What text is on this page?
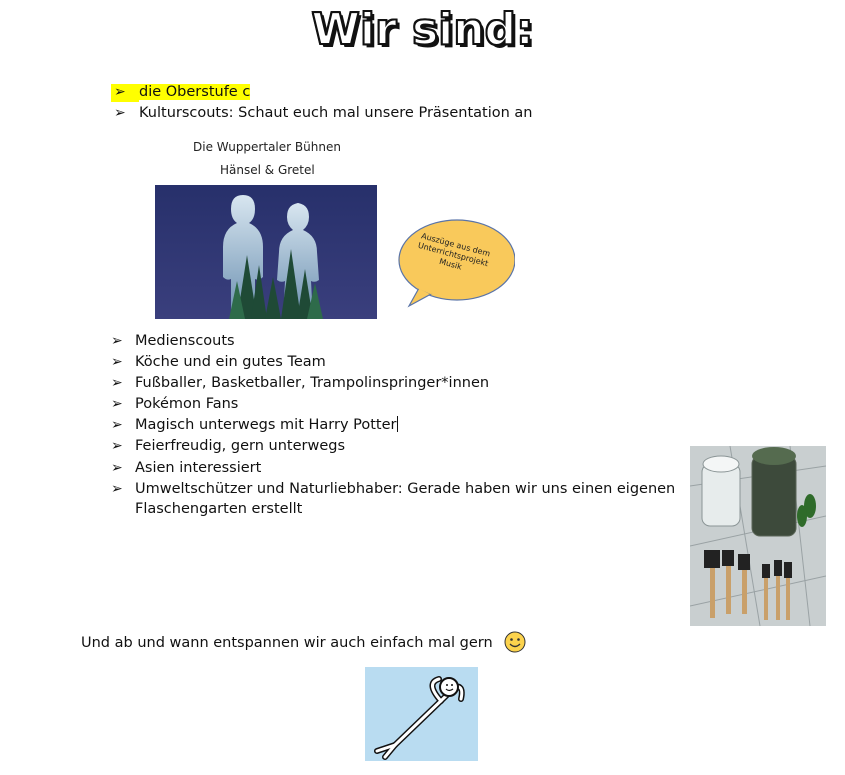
Wir sind:
➢ die Oberstufe c
➢ Kulturscouts: Schaut euch mal unsere Präsentation an
Die Wuppertaler Bühnen
Hänsel & Gretel
Auszüge aus dem Unterrichtsprojekt Musik
➢ Medienscouts
➢ Köche und ein gutes Team
➢ Fußballer, Basketballer, Trampolinspringer*innen
➢ Pokémon Fans
➢ Magisch unterwegs mit Harry Potter
➢ Feierfreudig, gern unterwegs
➢ Asien interessiert
➢ Umweltschützer und Naturliebhaber: Gerade haben wir uns einen eigenen
Flaschengarten erstellt
Und ab und wann entspannen wir auch einfach mal gern
